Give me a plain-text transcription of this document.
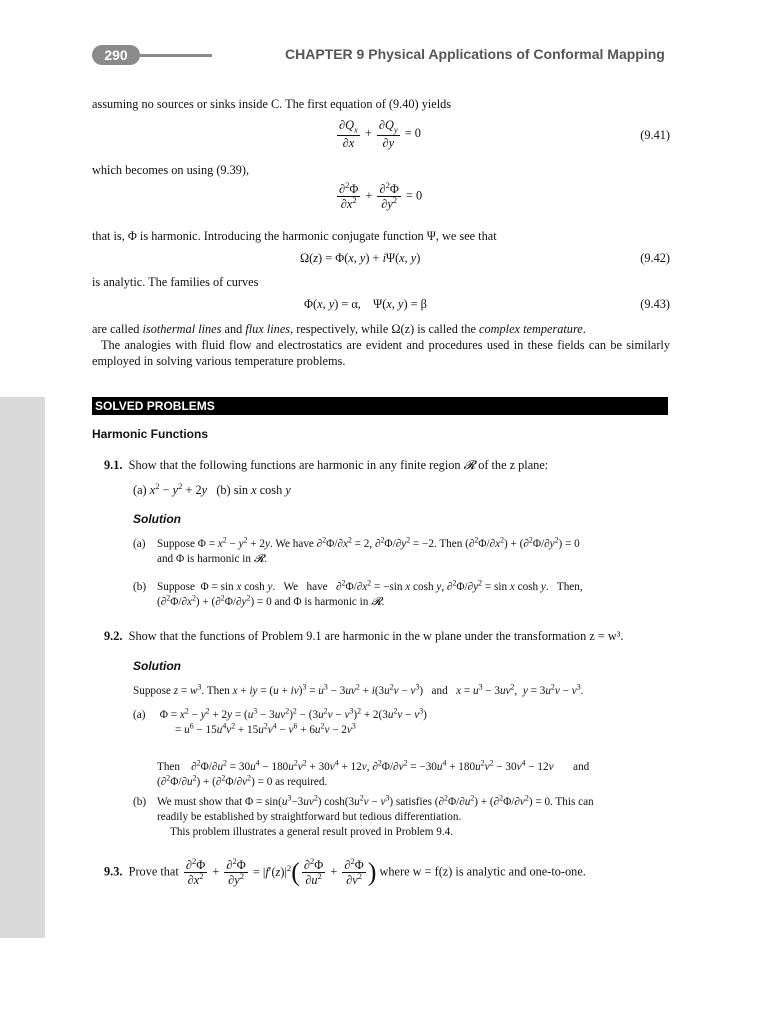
290	CHAPTER 9 Physical Applications of Conformal Mapping
assuming no sources or sinks inside C. The first equation of (9.40) yields
$\frac{\partial Q_x}{\partial x} + \frac{\partial Q_y}{\partial y} = 0$	(9.41)
which becomes on using (9.39),
$\frac{\partial^2\Phi}{\partial x^2} + \frac{\partial^2\Phi}{\partial y^2} = 0$
that is, Φ is harmonic. Introducing the harmonic conjugate function Ψ, we see that
Ω(z) = Φ(x, y) + iΨ(x, y)	(9.42)
is analytic. The families of curves
Φ(x, y) = α,    Ψ(x, y) = β	(9.43)
are called isothermal lines and flux lines, respectively, while Ω(z) is called the complex temperature.
The analogies with fluid flow and electrostatics are evident and procedures used in these fields can be similarly employed in solving various temperature problems.
SOLVED PROBLEMS
Harmonic Functions
9.1. Show that the following functions are harmonic in any finite region 𝓡 of the z plane:
(a) $x^2 - y^2 + 2y$   (b) sin x cosh y
Solution
(a) Suppose $\Phi = x^2 - y^2 + 2y$. We have $\partial^2\Phi/\partial x^2 = 2$, $\partial^2\Phi/\partial y^2 = -2$. Then $(\partial^2\Phi/\partial x^2) + (\partial^2\Phi/\partial y^2) = 0$
and Φ is harmonic in 𝓡.
(b) Suppose  Φ = sin x cosh y.   We   have   $\partial^2\Phi/\partial x^2 = -\sin$ x cosh y, $\partial^2\Phi/\partial y^2 = \sin x$ cosh y.   Then,
$(\partial^2\Phi/\partial x^2) + (\partial^2\Phi/\partial y^2) = 0$ and Φ is harmonic in 𝓡.
9.2. Show that the functions of Problem 9.1 are harmonic in the w plane under the transformation z = w³.
Solution
Suppose $z = w^3$. Then x + iy = $(u + iv)^3 = u^3 - 3uv^2 + i(3u^2v - v^3)$   and   $x = u^3 - 3uv^2$,  $y = 3u^2v - v^3$.
(a) $\Phi = x^2 - y^2 + 2y = (u^3 - 3uv^2)^2 - (3u^2v - v^3)^2 + 2(3u^2v - v^3)$
= $u^6 - 15u^4v^2 + 15u^2v^4 - v^6 + 6u^2v - 2v^3$
Then    $\partial^2\Phi/\partial u^2 = 30u^4 - 180u^2v^2 + 30v^4 + 12v$, $\partial^2\Phi/\partial v^2 = -30u^4 + 180u^2v^2 - 30v^4 - 12v$       and
$(\partial^2\Phi/\partial u^2) + (\partial^2\Phi/\partial v^2) = 0$ as required.
(b) We must show that $\Phi = \sin(u^3-3uv^2) \cosh(3u^2v - v^3)$ satisfies $(\partial^2\Phi/\partial u^2) + (\partial^2\Phi/\partial v^2) = 0$. This can
readily be established by straightforward but tedious differentiation.
This problem illustrates a general result proved in Problem 9.4.
9.3. Prove that $\frac{\partial^2\Phi}{\partial x^2} + \frac{\partial^2\Phi}{\partial y^2} = |f'(z)|^2( \frac{\partial^2\Phi}{\partial u^2} + \frac{\partial^2\Phi}{\partial v^2}$ ) where w = f(z) is analytic and one-to-one.
